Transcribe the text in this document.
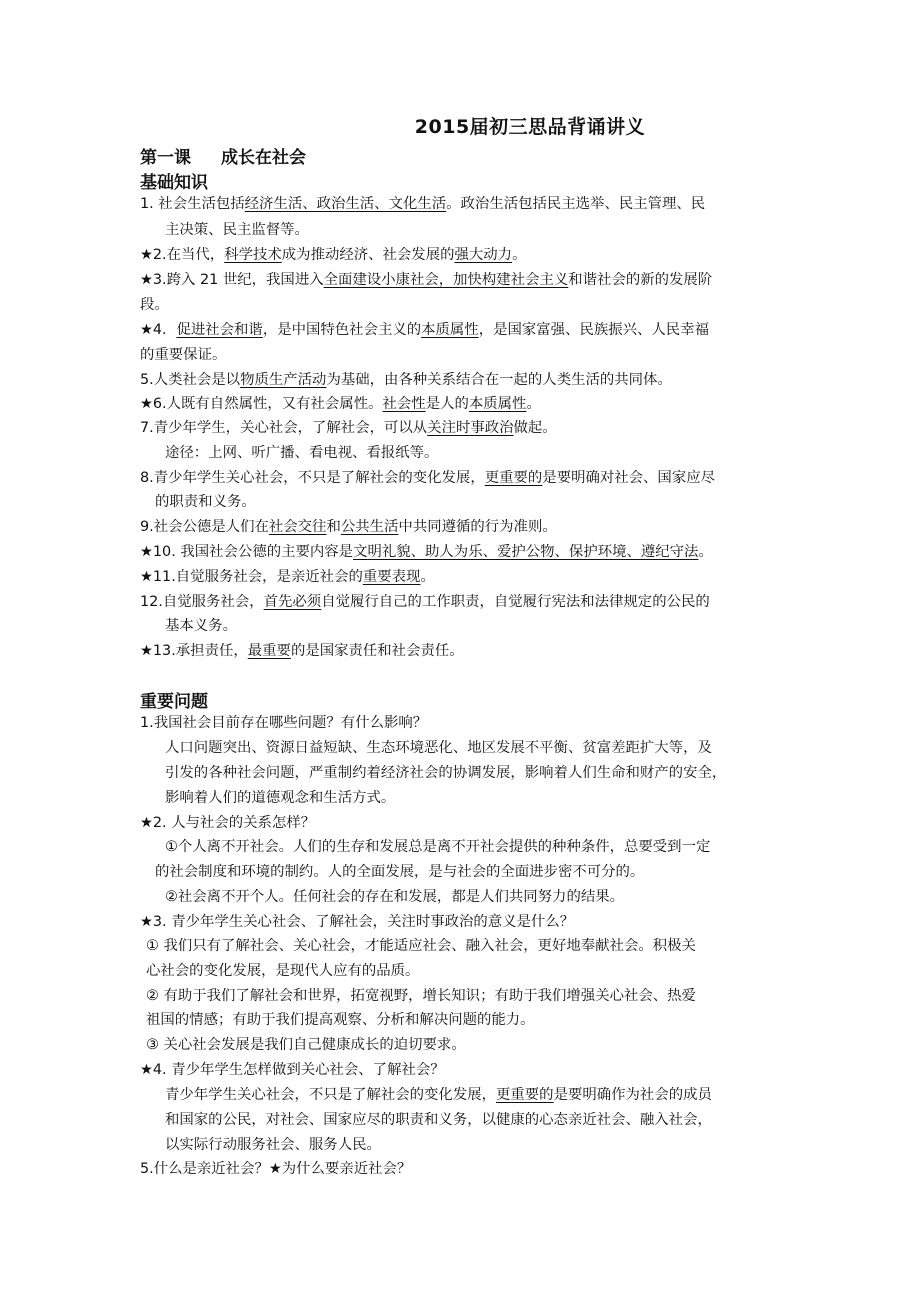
2015届初三思品背诵讲义
第一课 成长在社会
基础知识
1. 社会生活包括经济生活、政治生活、文化生活。政治生活包括民主选举、民主管理、民
主决策、民主监督等。
★2.在当代，科学技术成为推动经济、社会发展的强大动力。
★3.跨入 21 世纪，我国进入全面建设小康社会，加快构建社会主义和谐社会的新的发展阶
段。
★4．促进社会和谐，是中国特色社会主义的本质属性，是国家富强、民族振兴、人民幸福
的重要保证。
5.人类社会是以物质生产活动为基础，由各种关系结合在一起的人类生活的共同体。
★6.人既有自然属性，又有社会属性。社会性是人的本质属性。
7.青少年学生，关心社会，了解社会，可以从关注时事政治做起。
途径：上网、听广播、看电视、看报纸等。
8.青少年学生关心社会，不只是了解社会的变化发展，更重要的是要明确对社会、国家应尽
的职责和义务。
9.社会公德是人们在社会交往和公共生活中共同遵循的行为准则。
★10. 我国社会公德的主要内容是文明礼貌、助人为乐、爱护公物、保护环境、遵纪守法。
★11.自觉服务社会，是亲近社会的重要表现。
12.自觉服务社会，首先必须自觉履行自己的工作职责，自觉履行宪法和法律规定的公民的
基本义务。
★13.承担责任，最重要的是国家责任和社会责任。
重要问题
1.我国社会目前存在哪些问题？有什么影响？
人口问题突出、资源日益短缺、生态环境恶化、地区发展不平衡、贫富差距扩大等，及
引发的各种社会问题，严重制约着经济社会的协调发展，影响着人们生命和财产的安全，
影响着人们的道德观念和生活方式。
★2. 人与社会的关系怎样？
①个人离不开社会。人们的生存和发展总是离不开社会提供的种种条件，总要受到一定
的社会制度和环境的制约。人的全面发展，是与社会的全面进步密不可分的。
②社会离不开个人。任何社会的存在和发展，都是人们共同努力的结果。
★3. 青少年学生关心社会、了解社会，关注时事政治的意义是什么？
① 我们只有了解社会、关心社会，才能适应社会、融入社会，更好地奉献社会。积极关
心社会的变化发展，是现代人应有的品质。
② 有助于我们了解社会和世界，拓宽视野，增长知识；有助于我们增强关心社会、热爱
祖国的情感；有助于我们提高观察、分析和解决问题的能力。
③ 关心社会发展是我们自己健康成长的迫切要求。
★4. 青少年学生怎样做到关心社会、了解社会？
青少年学生关心社会，不只是了解社会的变化发展，更重要的是要明确作为社会的成员
和国家的公民，对社会、国家应尽的职责和义务，以健康的心态亲近社会、融入社会，
以实际行动服务社会、服务人民。
5.什么是亲近社会？★为什么要亲近社会？
